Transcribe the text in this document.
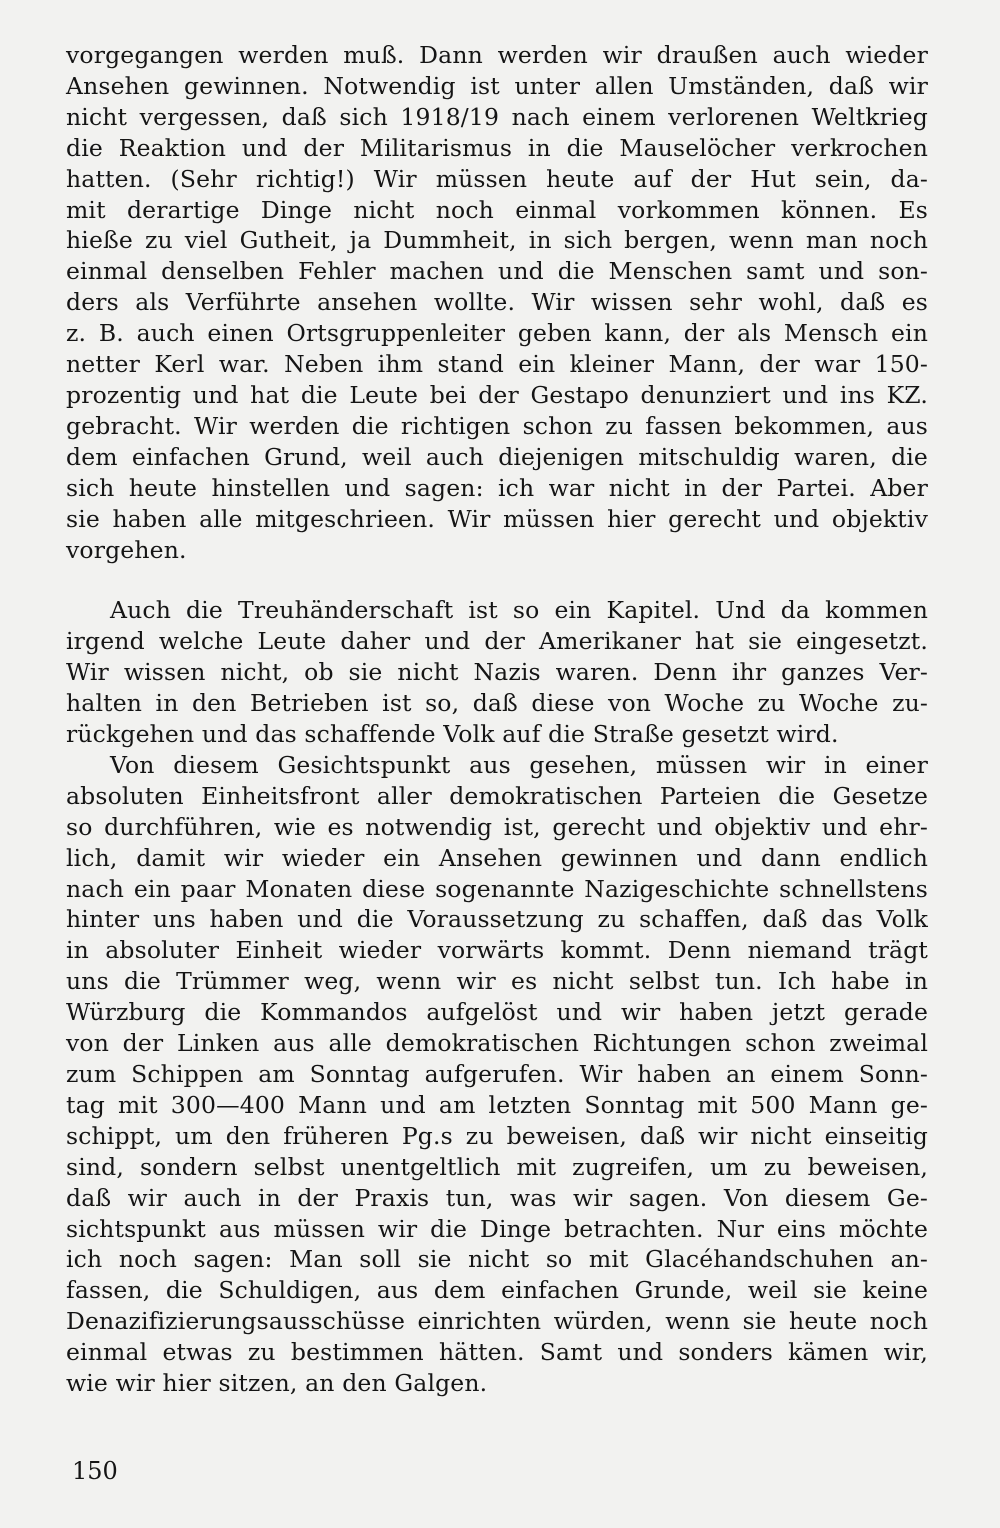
vorgegangen werden muß. Dann werden wir draußen auch wieder
Ansehen gewinnen. Notwendig ist unter allen Umständen, daß wir
nicht vergessen, daß sich 1918/19 nach einem verlorenen Weltkrieg
die Reaktion und der Militarismus in die Mauselöcher verkrochen
hatten. (Sehr richtig!) Wir müssen heute auf der Hut sein, da-
mit derartige Dinge nicht noch einmal vorkommen können. Es
hieße zu viel Gutheit, ja Dummheit, in sich bergen, wenn man noch
einmal denselben Fehler machen und die Menschen samt und son-
ders als Verführte ansehen wollte. Wir wissen sehr wohl, daß es
z. B. auch einen Ortsgruppenleiter geben kann, der als Mensch ein
netter Kerl war. Neben ihm stand ein kleiner Mann, der war 150-
prozentig und hat die Leute bei der Gestapo denunziert und ins KZ.
gebracht. Wir werden die richtigen schon zu fassen bekommen, aus
dem einfachen Grund, weil auch diejenigen mitschuldig waren, die
sich heute hinstellen und sagen: ich war nicht in der Partei. Aber
sie haben alle mitgeschrieen. Wir müssen hier gerecht und objektiv
vorgehen.

Auch die Treuhänderschaft ist so ein Kapitel. Und da kommen
irgend welche Leute daher und der Amerikaner hat sie eingesetzt.
Wir wissen nicht, ob sie nicht Nazis waren. Denn ihr ganzes Ver-
halten in den Betrieben ist so, daß diese von Woche zu Woche zu-
rückgehen und das schaffende Volk auf die Straße gesetzt wird.

Von diesem Gesichtspunkt aus gesehen, müssen wir in einer
absoluten Einheitsfront aller demokratischen Parteien die Gesetze
so durchführen, wie es notwendig ist, gerecht und objektiv und ehr-
lich, damit wir wieder ein Ansehen gewinnen und dann endlich
nach ein paar Monaten diese sogenannte Nazigeschichte schnellstens
hinter uns haben und die Voraussetzung zu schaffen, daß das Volk
in absoluter Einheit wieder vorwärts kommt. Denn niemand trägt
uns die Trümmer weg, wenn wir es nicht selbst tun. Ich habe in
Würzburg die Kommandos aufgelöst und wir haben jetzt gerade
von der Linken aus alle demokratischen Richtungen schon zweimal
zum Schippen am Sonntag aufgerufen. Wir haben an einem Sonn-
tag mit 300—400 Mann und am letzten Sonntag mit 500 Mann ge-
schippt, um den früheren Pg.s zu beweisen, daß wir nicht einseitig
sind, sondern selbst unentgeltlich mit zugreifen, um zu beweisen,
daß wir auch in der Praxis tun, was wir sagen. Von diesem Ge-
sichtspunkt aus müssen wir die Dinge betrachten. Nur eins möchte
ich noch sagen: Man soll sie nicht so mit Glacéhandschuhen an-
fassen, die Schuldigen, aus dem einfachen Grunde, weil sie keine
Denazifizierungsausschüsse einrichten würden, wenn sie heute noch
einmal etwas zu bestimmen hätten. Samt und sonders kämen wir,
wie wir hier sitzen, an den Galgen.

150
